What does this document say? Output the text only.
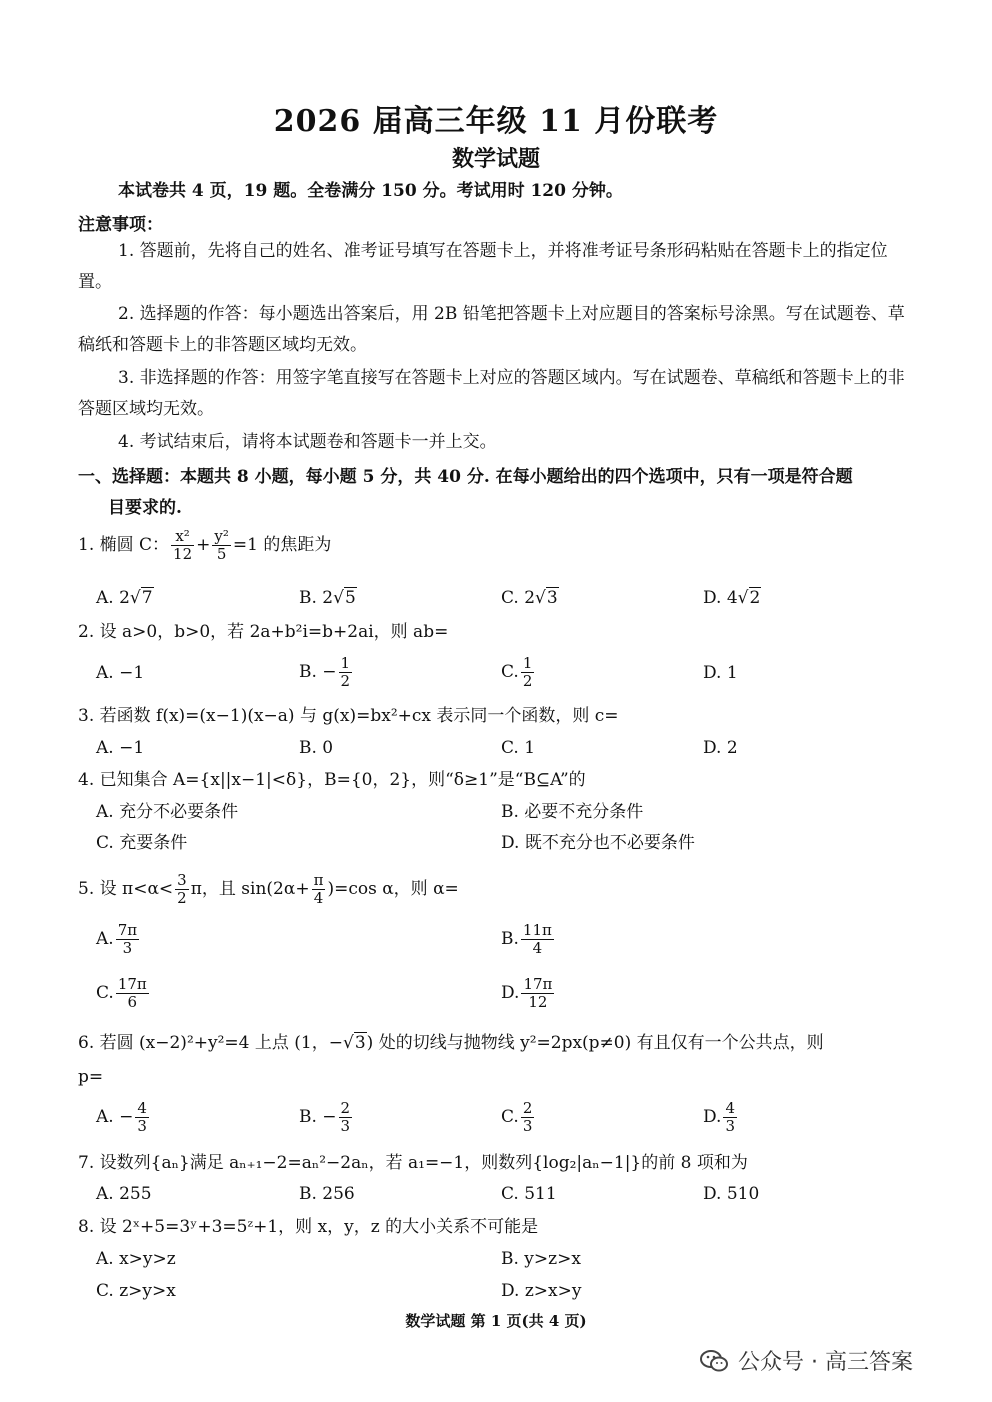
2026 届高三年级 11 月份联考
数学试题
本试卷共 4 页，19 题。全卷满分 150 分。考试用时 120 分钟。
注意事项：

1. 答题前，先将自己的姓名、准考证号填写在答题卡上，并将准考证号条形码粘贴在答题卡上的指定位置。

2. 选择题的作答：每小题选出答案后，用 2B 铅笔把答题卡上对应题目的答案标号涂黑。写在试题卷、草稿纸和答题卡上的非答题区域均无效。

3. 非选择题的作答：用签字笔直接写在答题卡上对应的答题区域内。写在试题卷、草稿纸和答题卡上的非答题区域均无效。

4. 考试结束后，请将本试题卷和答题卡一并上交。

一、选择题：本题共 8 小题，每小题 5 分，共 40 分. 在每小题给出的四个选项中，只有一项是符合题
目要求的.
1. 椭圆 C： $\frac{\text{x²}}{12} + \frac{\text{y²}}{5} =1$ 的焦距为
A. 2√7	B. 2√5	C. 2√3	D. 4√2
2. 设 a>0，b>0，若 2a+b²i=b+2ai，则 ab=
A. −1	B. − $\frac{1}{2}$	C. $\frac{1}{2}$	D. 1
3. 若函数 f(x)=(x−1)(x−a) 与 g(x)=bx²+cx 表示同一个函数，则 c=
A. −1	B. 0	C. 1	D. 2
4. 已知集合 A={x||x−1|<δ}，B={0，2}，则“δ≥1”是“B⊆A”的
A. 充分不必要条件	B. 必要不充分条件
C. 充要条件	D. 既不充分也不必要条件
5. 设 $\pi<\alpha< \frac{3}{2}$ π，且 $\sin(2\alpha+ \frac{\pi}{4} )=\cos$ α，则 α=
A. $\frac{7\pi}{3}$	B. $\frac{11\pi}{4}$
C. $\frac{17\pi}{6}$	D. $\frac{17\pi}{12}$
6. 若圆 (x−2)²+y²=4 上点 (1，−√3) 处的切线与抛物线 y²=2px(p≠0) 有且仅有一个公共点，则
p=
A. − $\frac{4}{3}$	B. − $\frac{2}{3}$	C. $\frac{2}{3}$	D. $\frac{4}{3}$
7. 设数列{aₙ}满足 aₙ₊₁−2=aₙ²−2aₙ，若 a₁=−1，则数列{log₂|aₙ−1|}的前 8 项和为
A. 255	B. 256	C. 511	D. 510
8. 设 2ˣ+5=3ʸ+3=5ᶻ+1，则 x，y，z 的大小关系不可能是
A. x>y>z	B. y>z>x
C. z>y>x	D. z>x>y
数学试题 第 1 页(共 4 页)
公众号 · 高三答案
